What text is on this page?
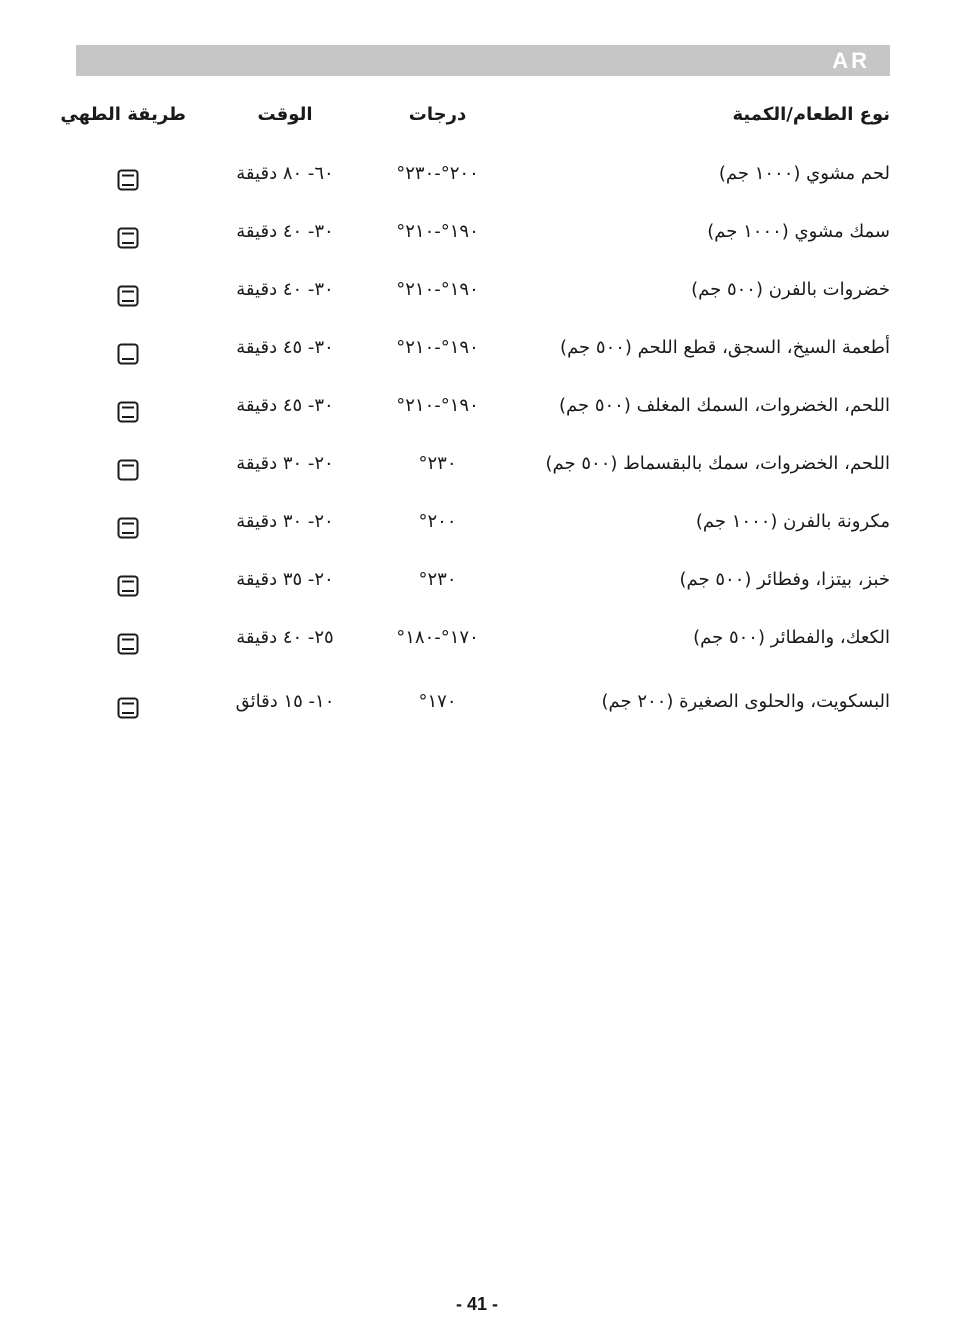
AR
نوع الطعام/الكمية
درجات
الوقت
طريقة الطهي
لحم مشوي (١٠٠٠ جم)
٢٠٠°-٢٣٠°
٦٠- ٨٠ دقيقة
سمك مشوي (١٠٠٠ جم)
١٩٠°-٢١٠°
٣٠- ٤٠ دقيقة
خضروات بالفرن (٥٠٠ جم)
١٩٠°-٢١٠°
٣٠- ٤٠ دقيقة
أطعمة السيخ، السجق، قطع اللحم (٥٠٠ جم)
١٩٠°-٢١٠°
٣٠- ٤٥ دقيقة
اللحم، الخضروات، السمك المغلف (٥٠٠ جم)
١٩٠°-٢١٠°
٣٠- ٤٥ دقيقة
اللحم، الخضروات، سمك بالبقسماط (٥٠٠ جم)
٢٣٠°
٢٠- ٣٠ دقيقة
مكرونة بالفرن (١٠٠٠ جم)
٢٠٠°
٢٠- ٣٠ دقيقة
خبز، بيتزا، وفطائر (٥٠٠ جم)
٢٣٠°
٢٠- ٣٥ دقيقة
الكعك، والفطائر (٥٠٠ جم)
١٧٠°-١٨٠°
٢٥- ٤٠ دقيقة
البسكويت، والحلوى الصغيرة (٢٠٠ جم)
١٧٠°
١٠- ١٥ دقائق
- 41 -
